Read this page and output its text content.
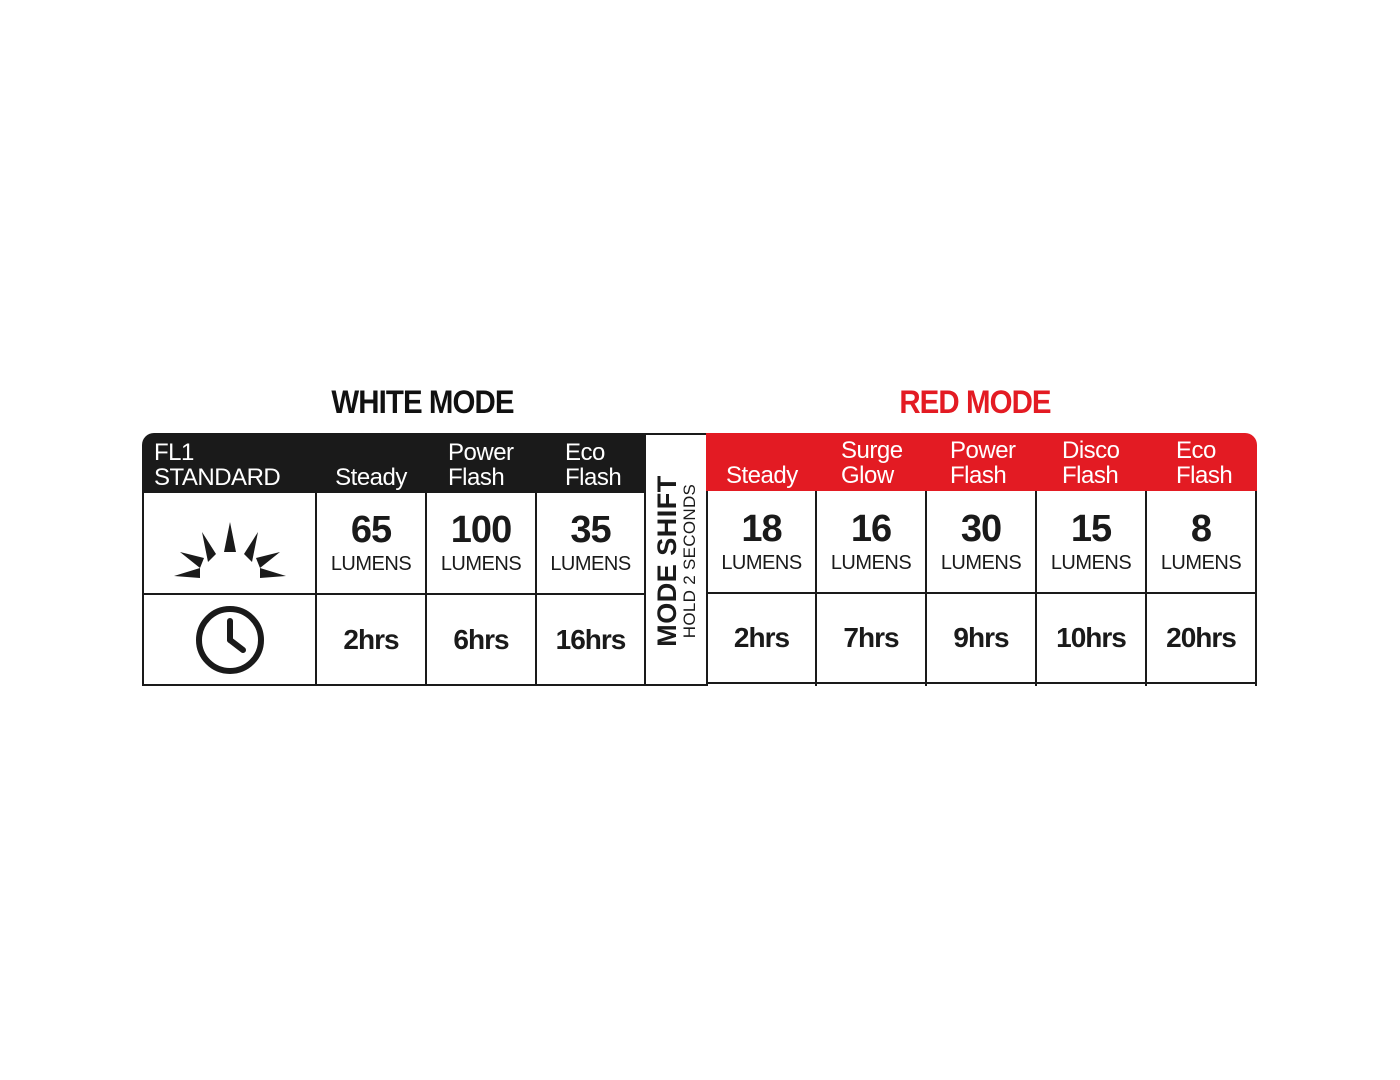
WHITE MODE	RED MODE
FL1 STANDARD	Steady
Power
Flash
Eco
Flash
65
LUMENS
100
LUMENS
35
LUMENS
2hrs 6hrs 16hrs MODE SHIFT
HOLD 2 SECONDS
Steady
Surge
Glow
Power
Flash
Disco
Flash
Eco
Flash
18
LUMENS
16
LUMENS
30
LUMENS
15
LUMENS
8
LUMENS
2hrs 7hrs 9hrs 10hrs 20hrs
